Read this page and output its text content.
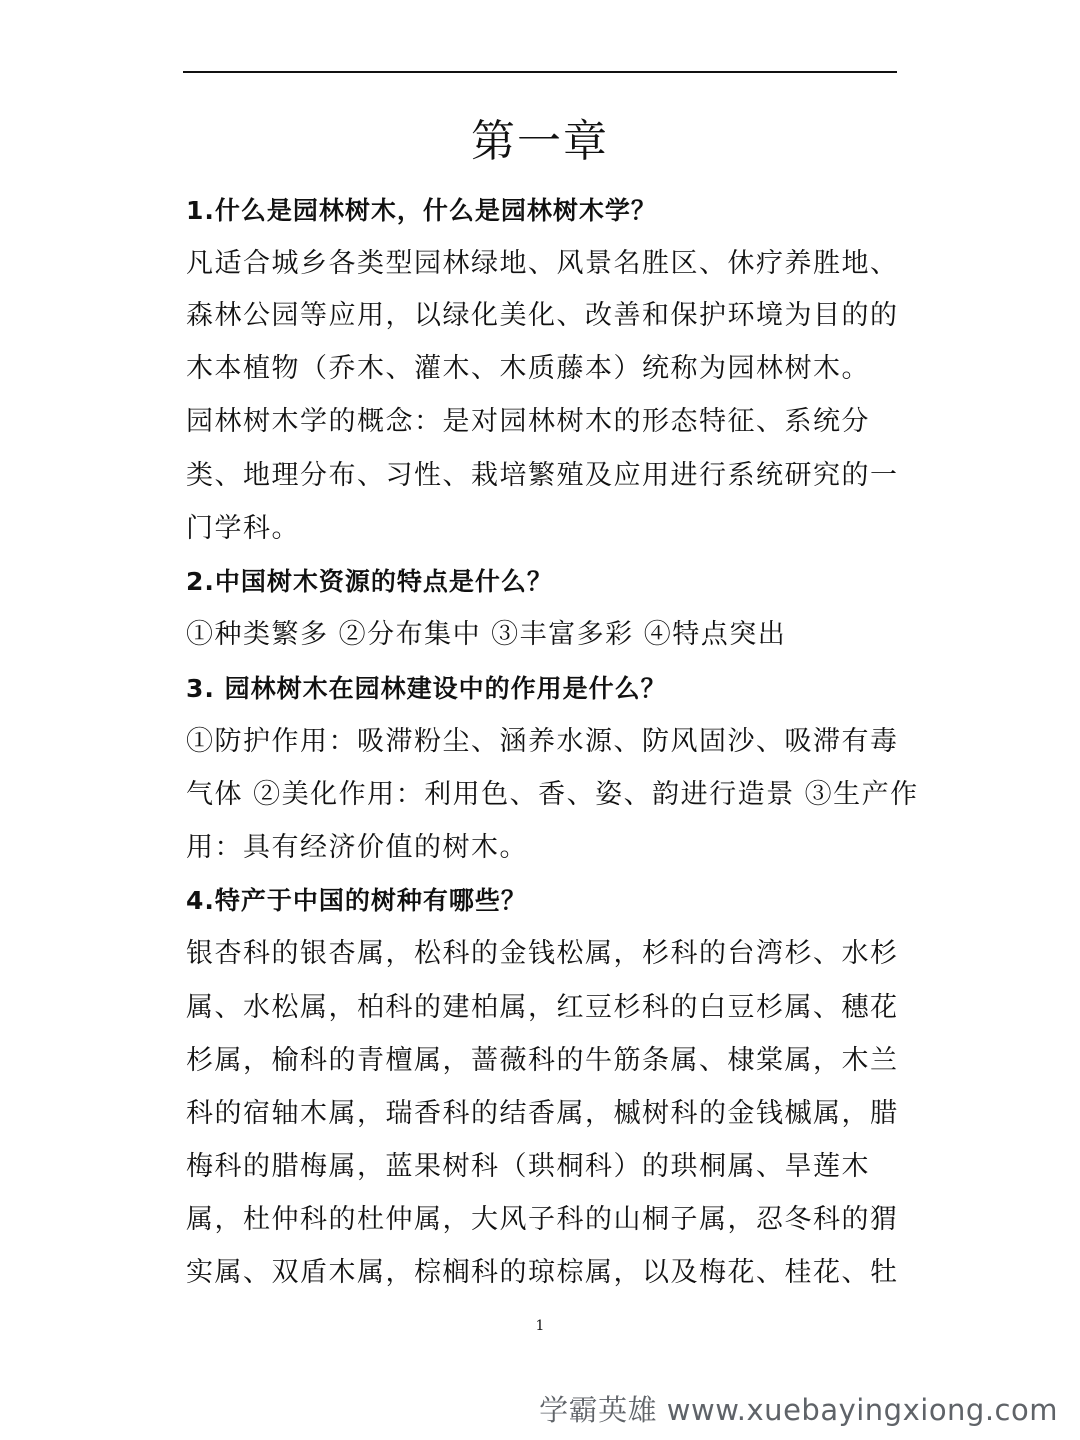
第一章
1.什么是园林树木，什么是园林树木学？
凡适合城乡各类型园林绿地、风景名胜区、休疗养胜地、
森林公园等应用，以绿化美化、改善和保护环境为目的的
木本植物（乔木、灌木、木质藤本）统称为园林树木。
园林树木学的概念：是对园林树木的形态特征、系统分
类、地理分布、习性、栽培繁殖及应用进行系统研究的一
门学科。
2.中国树木资源的特点是什么？
①种类繁多 ②分布集中 ③丰富多彩 ④特点突出
3. 园林树木在园林建设中的作用是什么？
①防护作用：吸滞粉尘、涵养水源、防风固沙、吸滞有毒
气体 ②美化作用：利用色、香、姿、韵进行造景 ③生产作
用：具有经济价值的树木。
4.特产于中国的树种有哪些？
银杏科的银杏属，松科的金钱松属，杉科的台湾杉、水杉
属、水松属，柏科的建柏属，红豆杉科的白豆杉属、穗花
杉属，榆科的青檀属，蔷薇科的牛筋条属、棣棠属，木兰
科的宿轴木属，瑞香科的结香属，槭树科的金钱槭属，腊
梅科的腊梅属，蓝果树科（珙桐科）的珙桐属、旱莲木
属，杜仲科的杜仲属，大风子科的山桐子属，忍冬科的猬
实属、双盾木属，棕榈科的琼棕属，以及梅花、桂花、牡
1
学霸英雄 www.xuebayingxiong.com
